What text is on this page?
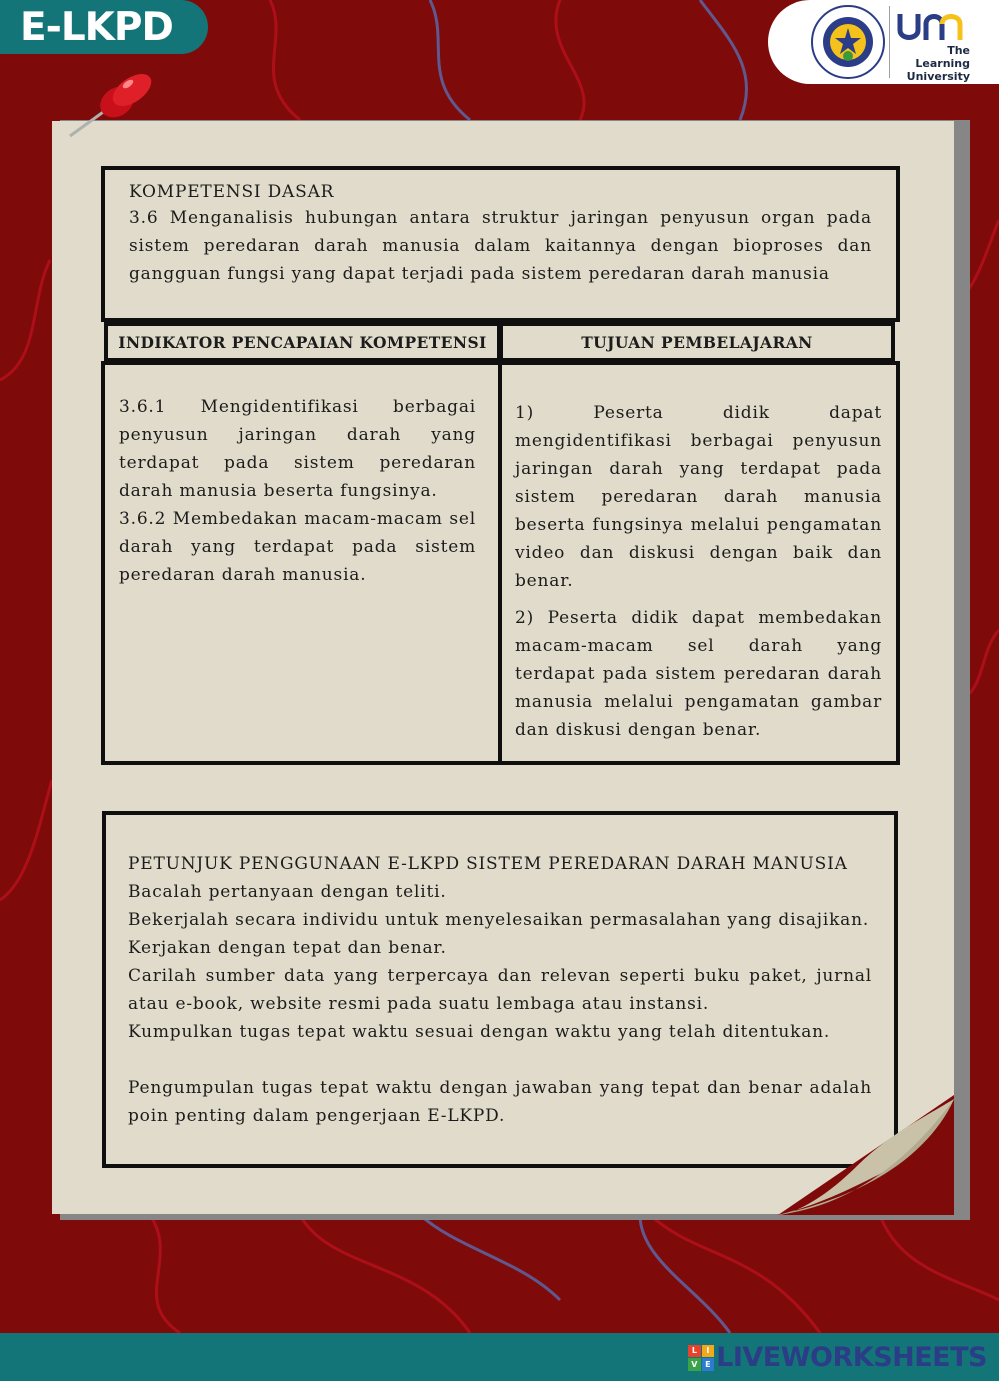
E-LKPD
The Learning
University
KOMPETENSI DASAR
3.6 Menganalisis hubungan antara struktur jaringan penyusun organ pada sistem peredaran darah manusia dalam kaitannya dengan bioproses dan gangguan fungsi yang dapat terjadi pada sistem peredaran darah manusia
INDIKATOR PENCAPAIAN KOMPETENSI	TUJUAN PEMBELAJARAN

3.6.1 Mengidentifikasi berbagai penyusun jaringan darah yang terdapat pada sistem peredaran darah manusia beserta fungsinya.

3.6.2 Membedakan macam-macam sel darah yang terdapat pada sistem peredaran darah manusia.

1) Peserta didik dapat mengidentifikasi berbagai penyusun jaringan darah yang terdapat pada sistem peredaran darah manusia beserta fungsinya melalui pengamatan video dan diskusi dengan baik dan benar.

2) Peserta didik dapat membedakan macam-macam sel darah yang terdapat pada sistem peredaran darah manusia melalui pengamatan gambar dan diskusi dengan benar.

PETUNJUK PENGGUNAAN E-LKPD SISTEM PEREDARAN DARAH MANUSIA

Bacalah pertanyaan dengan teliti.

Bekerjalah secara individu untuk menyelesaikan permasalahan yang disajikan.

Kerjakan dengan tepat dan benar.

Carilah sumber data yang terpercaya dan relevan seperti buku paket, jurnal atau e-book, website resmi pada suatu lembaga atau instansi.

Kumpulkan tugas tepat waktu sesuai dengan waktu yang telah ditentukan.

Pengumpulan tugas tepat waktu dengan jawaban yang tepat dan benar adalah poin penting dalam pengerjaan E-LKPD.

L	I
V E LIVEWORKSHEETS
